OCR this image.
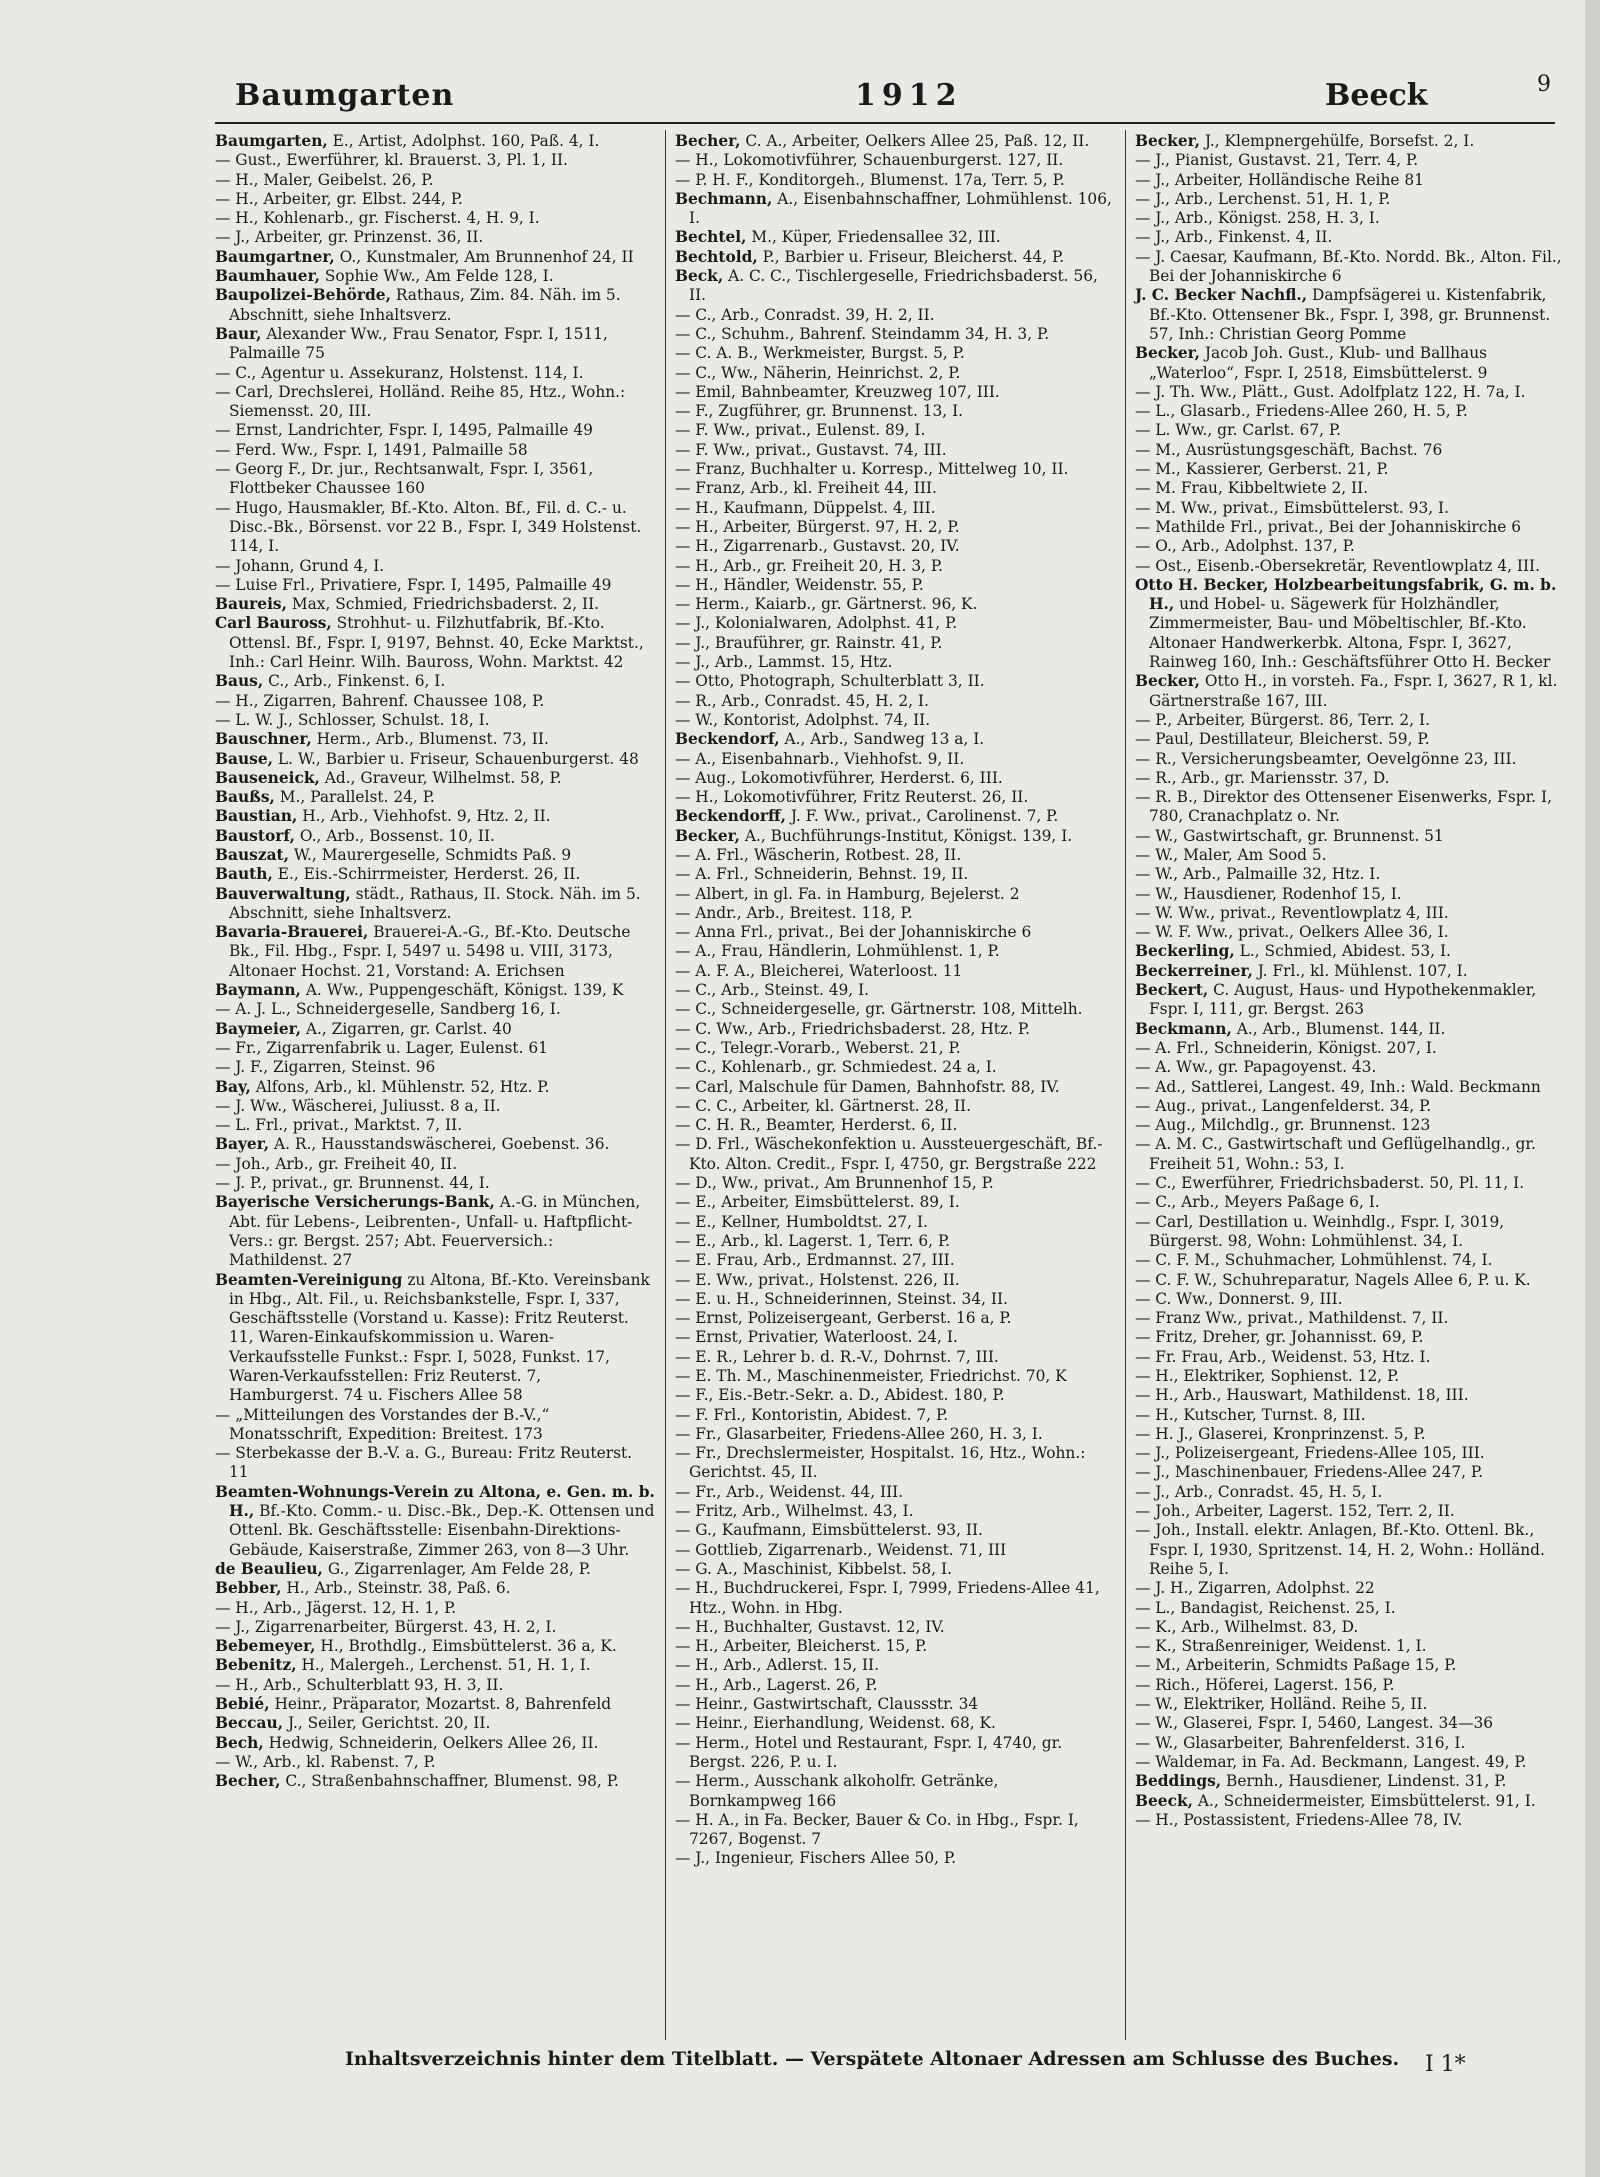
Baumgarten	1912	Beeck	9

Baumgarten, E., Artist, Adolphst. 160, Paß. 4, I.

— Gust., Ewerführer, kl. Brauerst. 3, Pl. 1, II.

— H., Maler, Geibelst. 26, P.

— H., Arbeiter, gr. Elbst. 244, P.

— H., Kohlenarb., gr. Fischerst. 4, H. 9, I.

— J., Arbeiter, gr. Prinzenst. 36, II.

Baumgartner, O., Kunstmaler, Am Brunnenhof 24, II

Baumhauer, Sophie Ww., Am Felde 128, I.

Baupolizei-Behörde, Rathaus, Zim. 84. Näh. im 5. Abschnitt, siehe Inhaltsverz.

Baur, Alexander Ww., Frau Senator, Fspr. I, 1511, Palmaille 75

— C., Agentur u. Assekuranz, Holstenst. 114, I.

— Carl, Drechslerei, Holländ. Reihe 85, Htz., Wohn.: Siemensst. 20, III.

— Ernst, Landrichter, Fspr. I, 1495, Palmaille 49

— Ferd. Ww., Fspr. I, 1491, Palmaille 58

— Georg F., Dr. jur., Rechtsanwalt, Fspr. I, 3561, Flottbeker Chaussee 160

— Hugo, Hausmakler, Bf.-Kto. Alton. Bf., Fil. d. C.- u. Disc.-Bk., Börsenst. vor 22 B., Fspr. I, 349 Holstenst. 114, I.

— Johann, Grund 4, I.

— Luise Frl., Privatiere, Fspr. I, 1495, Palmaille 49

Baureis, Max, Schmied, Friedrichsbaderst. 2, II.

Carl Bauross, Strohhut- u. Filzhutfabrik, Bf.-Kto. Ottensl. Bf., Fspr. I, 9197, Behnst. 40, Ecke Marktst., Inh.: Carl Heinr. Wilh. Bauross, Wohn. Marktst. 42

Baus, C., Arb., Finkenst. 6, I.

— H., Zigarren, Bahrenf. Chaussee 108, P.

— L. W. J., Schlosser, Schulst. 18, I.

Bauschner, Herm., Arb., Blumenst. 73, II.

Bause, L. W., Barbier u. Friseur, Schauenburgerst. 48

Bauseneick, Ad., Graveur, Wilhelmst. 58, P.

Baußs, M., Parallelst. 24, P.

Baustian, H., Arb., Viehhofst. 9, Htz. 2, II.

Baustorf, O., Arb., Bossenst. 10, II.

Bauszat, W., Maurergeselle, Schmidts Paß. 9

Bauth, E., Eis.-Schirrmeister, Herderst. 26, II.

Bauverwaltung, städt., Rathaus, II. Stock. Näh. im 5. Abschnitt, siehe Inhaltsverz.

Bavaria-Brauerei, Brauerei-A.-G., Bf.-Kto. Deutsche Bk., Fil. Hbg., Fspr. I, 5497 u. 5498 u. VIII, 3173, Altonaer Hochst. 21, Vorstand: A. Erichsen

Baymann, A. Ww., Puppengeschäft, Königst. 139, K

— A. J. L., Schneidergeselle, Sandberg 16, I.

Baymeier, A., Zigarren, gr. Carlst. 40

— Fr., Zigarrenfabrik u. Lager, Eulenst. 61

— J. F., Zigarren, Steinst. 96

Bay, Alfons, Arb., kl. Mühlenstr. 52, Htz. P.

— J. Ww., Wäscherei, Juliusst. 8 a, II.

— L. Frl., privat., Marktst. 7, II.

Bayer, A. R., Hausstandswäscherei, Goebenst. 36.

— Joh., Arb., gr. Freiheit 40, II.

— J. P., privat., gr. Brunnenst. 44, I.

Bayerische Versicherungs-Bank, A.-G. in München, Abt. für Lebens-, Leibrenten-, Unfall- u. Haftpflicht-Vers.: gr. Bergst. 257; Abt. Feuerversich.: Mathildenst. 27

Beamten-Vereinigung zu Altona, Bf.-Kto. Vereinsbank in Hbg., Alt. Fil., u. Reichsbankstelle, Fspr. I, 337, Geschäftsstelle (Vorstand u. Kasse): Fritz Reuterst. 11, Waren-Einkaufskommission u. Waren-Verkaufsstelle Funkst.: Fspr. I, 5028, Funkst. 17, Waren-Verkaufsstellen: Friz Reuterst. 7, Hamburgerst. 74 u. Fischers Allee 58

— „Mitteilungen des Vorstandes der B.-V.,“ Monatsschrift, Expedition: Breitest. 173

— Sterbekasse der B.-V. a. G., Bureau: Fritz Reuterst. 11

Beamten-Wohnungs-Verein zu Altona, e. Gen. m. b. H., Bf.-Kto. Comm.- u. Disc.-Bk., Dep.-K. Ottensen und Ottenl. Bk. Geschäftsstelle: Eisenbahn-Direktions-Gebäude, Kaiserstraße, Zimmer 263, von 8—3 Uhr.

de Beaulieu, G., Zigarrenlager, Am Felde 28, P.

Bebber, H., Arb., Steinstr. 38, Paß. 6.

— H., Arb., Jägerst. 12, H. 1, P.

— J., Zigarrenarbeiter, Bürgerst. 43, H. 2, I.

Bebemeyer, H., Brothdlg., Eimsbüttelerst. 36 a, K.

Bebenitz, H., Malergeh., Lerchenst. 51, H. 1, I.

— H., Arb., Schulterblatt 93, H. 3, II.

Bebié, Heinr., Präparator, Mozartst. 8, Bahrenfeld

Beccau, J., Seiler, Gerichtst. 20, II.

Bech, Hedwig, Schneiderin, Oelkers Allee 26, II.

— W., Arb., kl. Rabenst. 7, P.

Becher, C., Straßenbahnschaffner, Blumenst. 98, P.

Becher, C. A., Arbeiter, Oelkers Allee 25, Paß. 12, II.

— H., Lokomotivführer, Schauenburgerst. 127, II.

— P. H. F., Konditorgeh., Blumenst. 17a, Terr. 5, P.

Bechmann, A., Eisenbahnschaffner, Lohmühlenst. 106, I.

Bechtel, M., Küper, Friedensallee 32, III.

Bechtold, P., Barbier u. Friseur, Bleicherst. 44, P.

Beck, A. C. C., Tischlergeselle, Friedrichsbaderst. 56, II.

— C., Arb., Conradst. 39, H. 2, II.

— C., Schuhm., Bahrenf. Steindamm 34, H. 3, P.

— C. A. B., Werkmeister, Burgst. 5, P.

— C., Ww., Näherin, Heinrichst. 2, P.

— Emil, Bahnbeamter, Kreuzweg 107, III.

— F., Zugführer, gr. Brunnenst. 13, I.

— F. Ww., privat., Eulenst. 89, I.

— F. Ww., privat., Gustavst. 74, III.

— Franz, Buchhalter u. Korresp., Mittelweg 10, II.

— Franz, Arb., kl. Freiheit 44, III.

— H., Kaufmann, Düppelst. 4, III.

— H., Arbeiter, Bürgerst. 97, H. 2, P.

— H., Zigarrenarb., Gustavst. 20, IV.

— H., Arb., gr. Freiheit 20, H. 3, P.

— H., Händler, Weidenstr. 55, P.

— Herm., Kaiarb., gr. Gärtnerst. 96, K.

— J., Kolonialwaren, Adolphst. 41, P.

— J., Brauführer, gr. Rainstr. 41, P.

— J., Arb., Lammst. 15, Htz.

— Otto, Photograph, Schulterblatt 3, II.

— R., Arb., Conradst. 45, H. 2, I.

— W., Kontorist, Adolphst. 74, II.

Beckendorf, A., Arb., Sandweg 13 a, I.

— A., Eisenbahnarb., Viehhofst. 9, II.

— Aug., Lokomotivführer, Herderst. 6, III.

— H., Lokomotivführer, Fritz Reuterst. 26, II.

Beckendorff, J. F. Ww., privat., Carolinenst. 7, P.

Becker, A., Buchführungs-Institut, Königst. 139, I.

— A. Frl., Wäscherin, Rotbest. 28, II.

— A. Frl., Schneiderin, Behnst. 19, II.

— Albert, in gl. Fa. in Hamburg, Bejelerst. 2

— Andr., Arb., Breitest. 118, P.

— Anna Frl., privat., Bei der Johanniskirche 6

— A., Frau, Händlerin, Lohmühlenst. 1, P.

— A. F. A., Bleicherei, Waterloost. 11

— C., Arb., Steinst. 49, I.

— C., Schneidergeselle, gr. Gärtnerstr. 108, Mittelh.

— C. Ww., Arb., Friedrichsbaderst. 28, Htz. P.

— C., Telegr.-Vorarb., Weberst. 21, P.

— C., Kohlenarb., gr. Schmiedest. 24 a, I.

— Carl, Malschule für Damen, Bahnhofstr. 88, IV.

— C. C., Arbeiter, kl. Gärtnerst. 28, II.

— C. H. R., Beamter, Herderst. 6, II.

— D. Frl., Wäschekonfektion u. Aussteuergeschäft, Bf.-Kto. Alton. Credit., Fspr. I, 4750, gr. Bergstraße 222

— D., Ww., privat., Am Brunnenhof 15, P.

— E., Arbeiter, Eimsbüttelerst. 89, I.

— E., Kellner, Humboldtst. 27, I.

— E., Arb., kl. Lagerst. 1, Terr. 6, P.

— E. Frau, Arb., Erdmannst. 27, III.

— E. Ww., privat., Holstenst. 226, II.

— E. u. H., Schneiderinnen, Steinst. 34, II.

— Ernst, Polizeisergeant, Gerberst. 16 a, P.

— Ernst, Privatier, Waterloost. 24, I.

— E. R., Lehrer b. d. R.-V., Dohrnst. 7, III.

— E. Th. M., Maschinenmeister, Friedrichst. 70, K

— F., Eis.-Betr.-Sekr. a. D., Abidest. 180, P.

— F. Frl., Kontoristin, Abidest. 7, P.

— Fr., Glasarbeiter, Friedens-Allee 260, H. 3, I.

— Fr., Drechslermeister, Hospitalst. 16, Htz., Wohn.: Gerichtst. 45, II.

— Fr., Arb., Weidenst. 44, III.

— Fritz, Arb., Wilhelmst. 43, I.

— G., Kaufmann, Eimsbüttelerst. 93, II.

— Gottlieb, Zigarrenarb., Weidenst. 71, III

— G. A., Maschinist, Kibbelst. 58, I.

— H., Buchdruckerei, Fspr. I, 7999, Friedens-Allee 41, Htz., Wohn. in Hbg.

— H., Buchhalter, Gustavst. 12, IV.

— H., Arbeiter, Bleicherst. 15, P.

— H., Arb., Adlerst. 15, II.

— H., Arb., Lagerst. 26, P.

— Heinr., Gastwirtschaft, Claussstr. 34

— Heinr., Eierhandlung, Weidenst. 68, K.

— Herm., Hotel und Restaurant, Fspr. I, 4740, gr. Bergst. 226, P. u. I.

— Herm., Ausschank alkoholfr. Getränke, Bornkampweg 166

— H. A., in Fa. Becker, Bauer & Co. in Hbg., Fspr. I, 7267, Bogenst. 7

— J., Ingenieur, Fischers Allee 50, P.

Becker, J., Klempnergehülfe, Borsefst. 2, I.

— J., Pianist, Gustavst. 21, Terr. 4, P.

— J., Arbeiter, Holländische Reihe 81

— J., Arb., Lerchenst. 51, H. 1, P.

— J., Arb., Königst. 258, H. 3, I.

— J., Arb., Finkenst. 4, II.

— J. Caesar, Kaufmann, Bf.-Kto. Nordd. Bk., Alton. Fil., Bei der Johanniskirche 6

J. C. Becker Nachfl., Dampfsägerei u. Kistenfabrik, Bf.-Kto. Ottensener Bk., Fspr. I, 398, gr. Brunnenst. 57, Inh.: Christian Georg Pomme

Becker, Jacob Joh. Gust., Klub- und Ballhaus „Waterloo“, Fspr. I, 2518, Eimsbüttelerst. 9

— J. Th. Ww., Plätt., Gust. Adolfplatz 122, H. 7a, I.

— L., Glasarb., Friedens-Allee 260, H. 5, P.

— L. Ww., gr. Carlst. 67, P.

— M., Ausrüstungsgeschäft, Bachst. 76

— M., Kassierer, Gerberst. 21, P.

— M. Frau, Kibbeltwiete 2, II.

— M. Ww., privat., Eimsbüttelerst. 93, I.

— Mathilde Frl., privat., Bei der Johanniskirche 6

— O., Arb., Adolphst. 137, P.

— Ost., Eisenb.-Obersekretär, Reventlowplatz 4, III.

Otto H. Becker, Holzbearbeitungsfabrik, G. m. b. H., und Hobel- u. Sägewerk für Holzhändler, Zimmermeister, Bau- und Möbeltischler, Bf.-Kto. Altonaer Handwerkerbk. Altona, Fspr. I, 3627, Rainweg 160, Inh.: Geschäftsführer Otto H. Becker

Becker, Otto H., in vorsteh. Fa., Fspr. I, 3627, R 1, kl. Gärtnerstraße 167, III.

— P., Arbeiter, Bürgerst. 86, Terr. 2, I.

— Paul, Destillateur, Bleicherst. 59, P.

— R., Versicherungsbeamter, Oevelgönne 23, III.

— R., Arb., gr. Mariensstr. 37, D.

— R. B., Direktor des Ottensener Eisenwerks, Fspr. I, 780, Cranachplatz o. Nr.

— W., Gastwirtschaft, gr. Brunnenst. 51

— W., Maler, Am Sood 5.

— W., Arb., Palmaille 32, Htz. I.

— W., Hausdiener, Rodenhof 15, I.

— W. Ww., privat., Reventlowplatz 4, III.

— W. F. Ww., privat., Oelkers Allee 36, I.

Beckerling, L., Schmied, Abidest. 53, I.

Beckerreiner, J. Frl., kl. Mühlenst. 107, I.

Beckert, C. August, Haus- und Hypothekenmakler, Fspr. I, 111, gr. Bergst. 263

Beckmann, A., Arb., Blumenst. 144, II.

— A. Frl., Schneiderin, Königst. 207, I.

— A. Ww., gr. Papagoyenst. 43.

— Ad., Sattlerei, Langest. 49, Inh.: Wald. Beckmann

— Aug., privat., Langenfelderst. 34, P.

— Aug., Milchdlg., gr. Brunnenst. 123

— A. M. C., Gastwirtschaft und Geflügelhandlg., gr. Freiheit 51, Wohn.: 53, I.

— C., Ewerführer, Friedrichsbaderst. 50, Pl. 11, I.

— C., Arb., Meyers Paßage 6, I.

— Carl, Destillation u. Weinhdlg., Fspr. I, 3019, Bürgerst. 98, Wohn: Lohmühlenst. 34, I.

— C. F. M., Schuhmacher, Lohmühlenst. 74, I.

— C. F. W., Schuhreparatur, Nagels Allee 6, P. u. K.

— C. Ww., Donnerst. 9, III.

— Franz Ww., privat., Mathildenst. 7, II.

— Fritz, Dreher, gr. Johannisst. 69, P.

— Fr. Frau, Arb., Weidenst. 53, Htz. I.

— H., Elektriker, Sophienst. 12, P.

— H., Arb., Hauswart, Mathildenst. 18, III.

— H., Kutscher, Turnst. 8, III.

— H. J., Glaserei, Kronprinzenst. 5, P.

— J., Polizeisergeant, Friedens-Allee 105, III.

— J., Maschinenbauer, Friedens-Allee 247, P.

— J., Arb., Conradst. 45, H. 5, I.

— Joh., Arbeiter, Lagerst. 152, Terr. 2, II.

— Joh., Install. elektr. Anlagen, Bf.-Kto. Ottenl. Bk., Fspr. I, 1930, Spritzenst. 14, H. 2, Wohn.: Holländ. Reihe 5, I.

— J. H., Zigarren, Adolphst. 22

— L., Bandagist, Reichenst. 25, I.

— K., Arb., Wilhelmst. 83, D.

— K., Straßenreiniger, Weidenst. 1, I.

— M., Arbeiterin, Schmidts Paßage 15, P.

— Rich., Höferei, Lagerst. 156, P.

— W., Elektriker, Holländ. Reihe 5, II.

— W., Glaserei, Fspr. I, 5460, Langest. 34—36

— W., Glasarbeiter, Bahrenfelderst. 316, I.

— Waldemar, in Fa. Ad. Beckmann, Langest. 49, P.

Beddings, Bernh., Hausdiener, Lindenst. 31, P.

Beeck, A., Schneidermeister, Eimsbüttelerst. 91, I.

— H., Postassistent, Friedens-Allee 78, IV.

Inhaltsverzeichnis hinter dem Titelblatt. — Verspätete Altonaer Adressen am Schlusse des Buches. I 1*
